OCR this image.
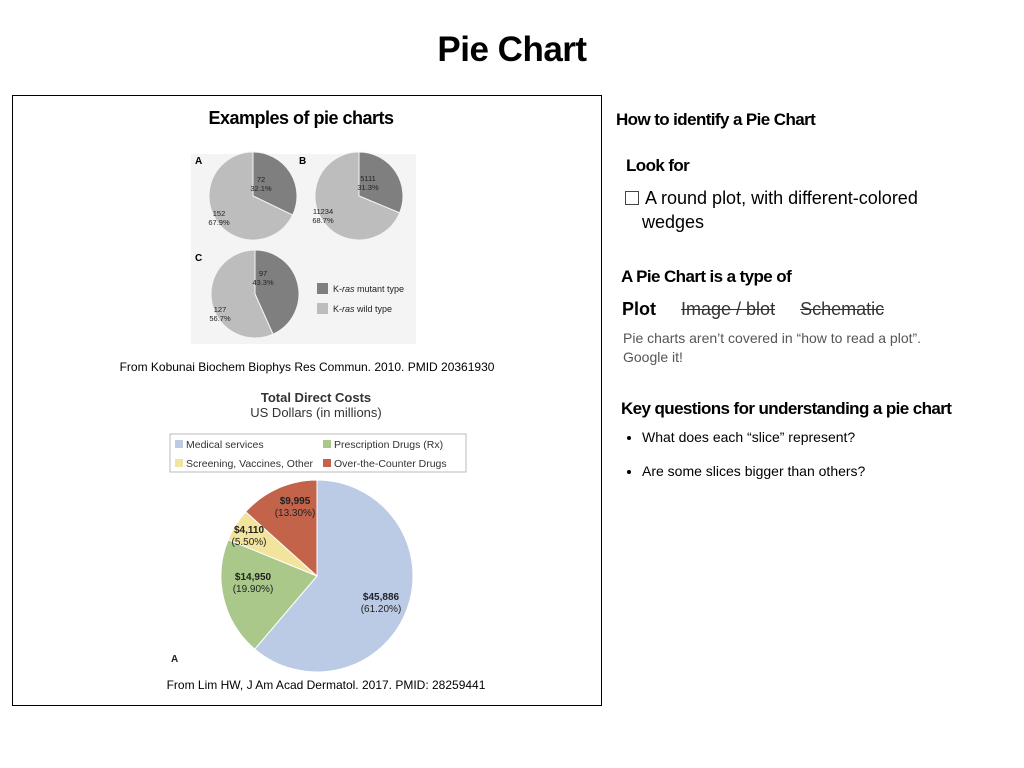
Pie Chart
Examples of pie charts
A	B
C
72
32.1%
152
67.9%
5111
31.3%
11234
68.7%
97
43.3%
127
56.7%
K-ras mutant type
K-ras wild type
From Kobunai Biochem Biophys Res Commun. 2010. PMID 20361930
Total Direct Costs
US Dollars (in millions)
Medical services	Prescription Drugs (Rx)
Screening, Vaccines, Other Over-the-Counter Drugs
$9,995
(13.30%)
$4,110
(5.50%)
$14,950
(19.90%)
$45,886
(61.20%)
A
From Lim HW, J Am Acad Dermatol. 2017. PMID: 28259441
How to identify a Pie Chart
Look for
A round plot, with different-colored
wedges
A Pie Chart is a type of
Plot Image / blot Schematic
Pie charts aren’t covered in “how to read a plot”.
Google it!
Key questions for understanding a pie chart
• What does each “slice” represent?
• Are some slices bigger than others?
